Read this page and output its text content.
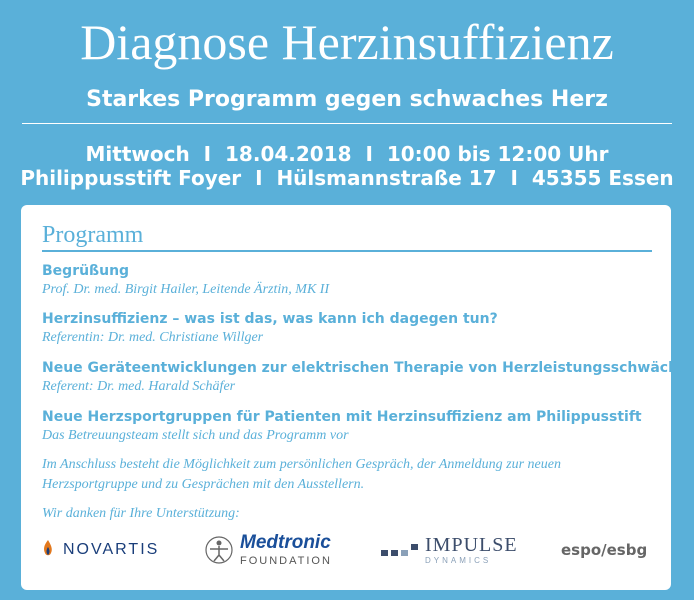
Diagnose Herzinsuffizienz
Starkes Programm gegen schwaches Herz
Mittwoch  I  18.04.2018  I  10:00 bis 12:00 Uhr
Philippusstift Foyer  I  Hülsmannstraße 17  I  45355 Essen
Programm
Begrüßung
Prof. Dr. med. Birgit Hailer, Leitende Ärztin, MK II
Herzinsuffizienz – was ist das, was kann ich dagegen tun?
Referentin: Dr. med. Christiane Willger
Neue Geräteentwicklungen zur elektrischen Therapie von Herzleistungsschwäche
Referent: Dr. med. Harald Schäfer
Neue Herzsportgruppen für Patienten mit Herzinsuffizienz am Philippusstift
Das Betreuungsteam stellt sich und das Programm vor
Im Anschluss besteht die Möglichkeit zum persönlichen Gespräch, der Anmeldung zur neuen Herzsportgruppe und zu Gesprächen mit den Ausstellern.
Wir danken für Ihre Unterstützung:
NOVARTIS	Medtronic
FOUNDATION
IMPULSE
DYNAMICS
espo/esbg
